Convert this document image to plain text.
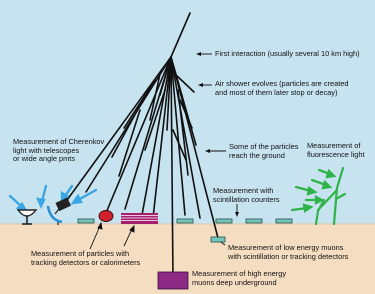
First interaction (usually several 10 km high)
Air shower evolves (particles are created
and most of them later stop or decay)
Some of the particles
reach the ground
Measurement of Cherenkov
light with telescopes
or wide angle pmts
Measurement of
fluorescence light
Measurement with
scintillation counters
Measurement of particles with
tracking detectors or calorimeters
Measurement of low energy muons
with scintillation or tracking detectors
Measurement of high energy
muons deep underground
